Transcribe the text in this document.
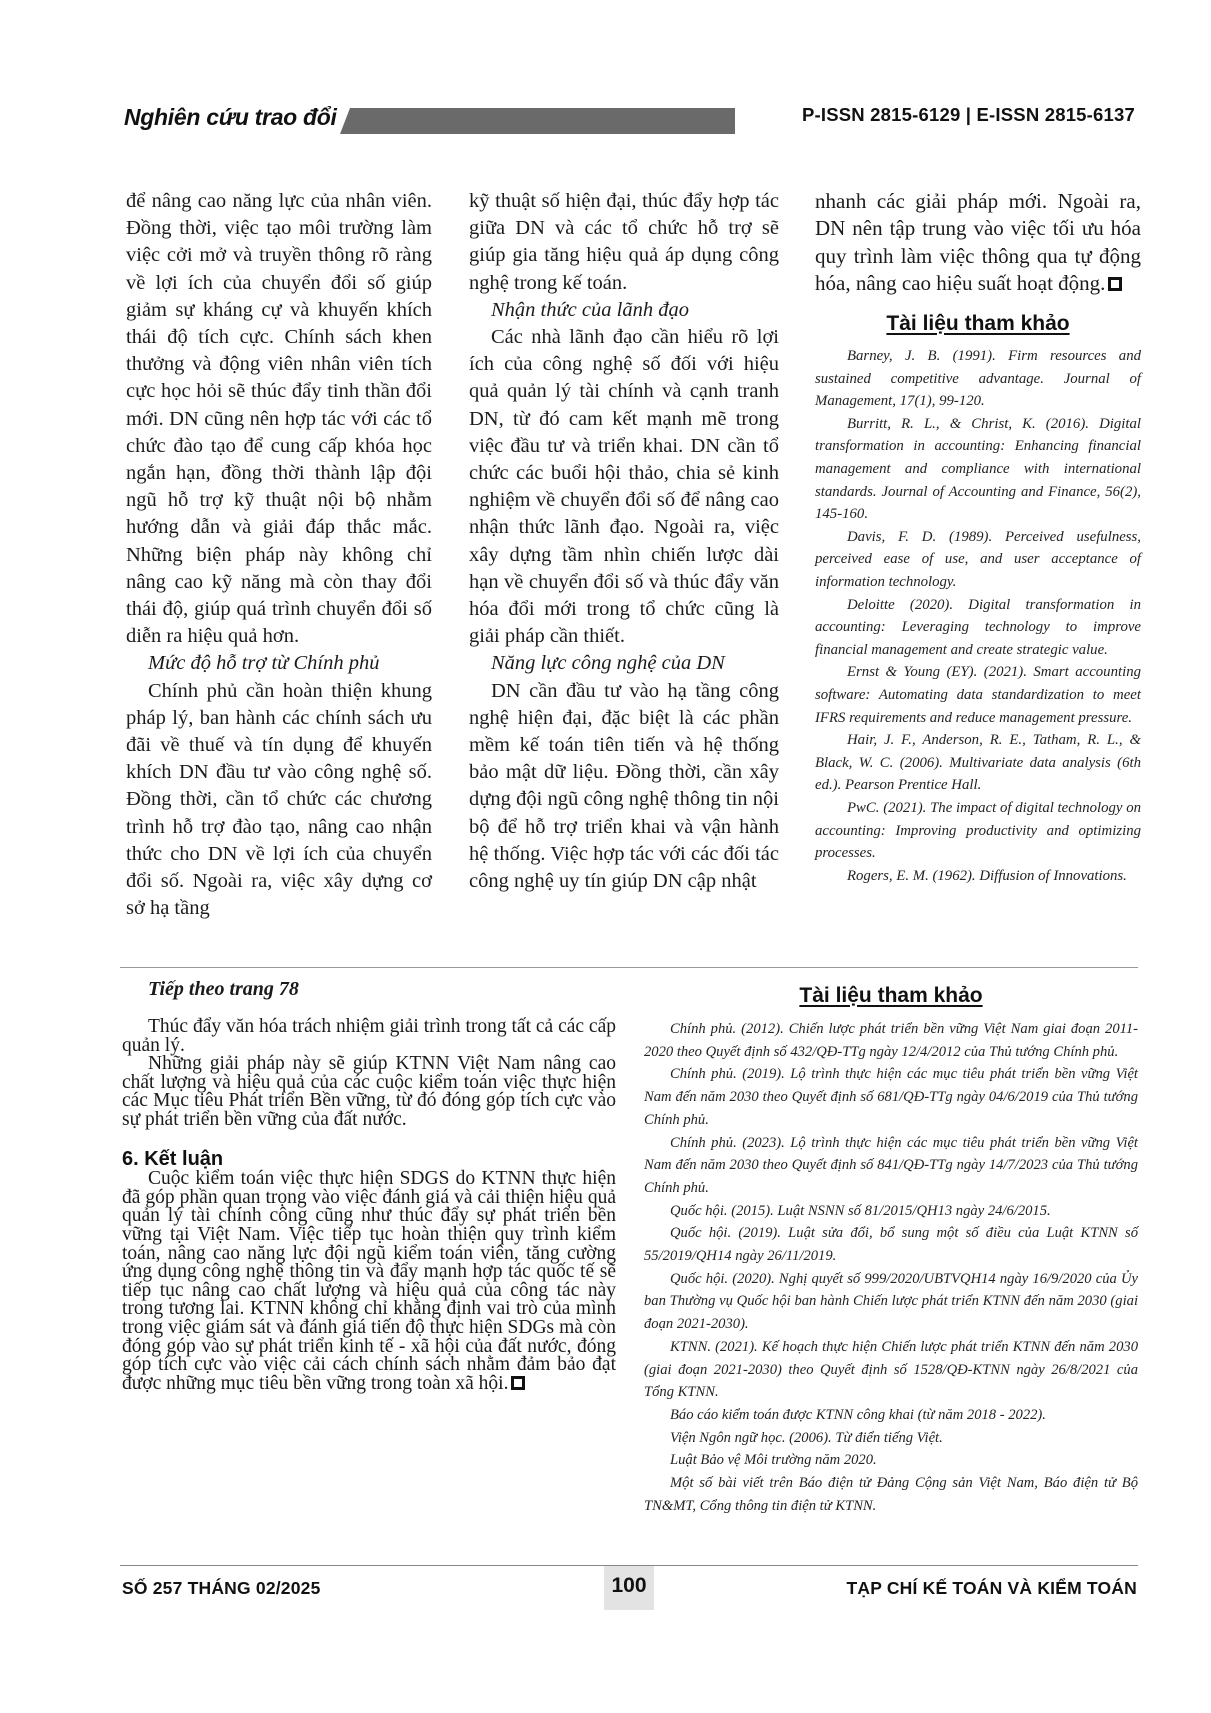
Nghiên cứu trao đổi	P-ISSN 2815-6129 | E-ISSN 2815-6137

để nâng cao năng lực của nhân viên. Đồng thời, việc tạo môi trường làm việc cởi mở và truyền thông rõ ràng về lợi ích của chuyển đổi số giúp giảm sự kháng cự và khuyến khích thái độ tích cực. Chính sách khen thưởng và động viên nhân viên tích cực học hỏi sẽ thúc đẩy tinh thần đổi mới. DN cũng nên hợp tác với các tổ chức đào tạo để cung cấp khóa học ngắn hạn, đồng thời thành lập đội ngũ hỗ trợ kỹ thuật nội bộ nhằm hướng dẫn và giải đáp thắc mắc. Những biện pháp này không chỉ nâng cao kỹ năng mà còn thay đổi thái độ, giúp quá trình chuyển đổi số diễn ra hiệu quả hơn.

Mức độ hỗ trợ từ Chính phủ

Chính phủ cần hoàn thiện khung pháp lý, ban hành các chính sách ưu đãi về thuế và tín dụng để khuyến khích DN đầu tư vào công nghệ số. Đồng thời, cần tổ chức các chương trình hỗ trợ đào tạo, nâng cao nhận thức cho DN về lợi ích của chuyển đổi số. Ngoài ra, việc xây dựng cơ sở hạ tầng

kỹ thuật số hiện đại, thúc đẩy hợp tác giữa DN và các tổ chức hỗ trợ sẽ giúp gia tăng hiệu quả áp dụng công nghệ trong kế toán.

Nhận thức của lãnh đạo

Các nhà lãnh đạo cần hiểu rõ lợi ích của công nghệ số đối với hiệu quả quản lý tài chính và cạnh tranh DN, từ đó cam kết mạnh mẽ trong việc đầu tư và triển khai. DN cần tổ chức các buổi hội thảo, chia sẻ kinh nghiệm về chuyển đổi số để nâng cao nhận thức lãnh đạo. Ngoài ra, việc xây dựng tầm nhìn chiến lược dài hạn về chuyển đổi số và thúc đẩy văn hóa đổi mới trong tổ chức cũng là giải pháp cần thiết.

Năng lực công nghệ của DN

DN cần đầu tư vào hạ tầng công nghệ hiện đại, đặc biệt là các phần mềm kế toán tiên tiến và hệ thống bảo mật dữ liệu. Đồng thời, cần xây dựng đội ngũ công nghệ thông tin nội bộ để hỗ trợ triển khai và vận hành hệ thống. Việc hợp tác với các đối tác công nghệ uy tín giúp DN cập nhật

nhanh các giải pháp mới. Ngoài ra, DN nên tập trung vào việc tối ưu hóa quy trình làm việc thông qua tự động hóa, nâng cao hiệu suất hoạt động.

Tài liệu tham khảo

Barney, J. B. (1991). Firm resources and sustained competitive advantage. Journal of Management, 17(1), 99-120.

Burritt, R. L., & Christ, K. (2016). Digital transformation in accounting: Enhancing financial management and compliance with international standards. Journal of Accounting and Finance, 56(2), 145-160.

Davis, F. D. (1989). Perceived usefulness, perceived ease of use, and user acceptance of information technology.

Deloitte (2020). Digital transformation in accounting: Leveraging technology to improve financial management and create strategic value.

Ernst & Young (EY). (2021). Smart accounting software: Automating data standardization to meet IFRS requirements and reduce management pressure.

Hair, J. F., Anderson, R. E., Tatham, R. L., & Black, W. C. (2006). Multivariate data analysis (6th ed.). Pearson Prentice Hall.

PwC. (2021). The impact of digital technology on accounting: Improving productivity and optimizing processes.

Rogers, E. M. (1962). Diffusion of Innovations.

Tiếp theo trang 78

Thúc đẩy văn hóa trách nhiệm giải trình trong tất cả các cấp quản lý.

Những giải pháp này sẽ giúp KTNN Việt Nam nâng cao chất lượng và hiệu quả của các cuộc kiểm toán việc thực hiện các Mục tiêu Phát triển Bền vững, từ đó đóng góp tích cực vào sự phát triển bền vững của đất nước.

6. Kết luận

Cuộc kiểm toán việc thực hiện SDGS do KTNN thực hiện đã góp phần quan trọng vào việc đánh giá và cải thiện hiệu quả quản lý tài chính công cũng như thúc đẩy sự phát triển bền vững tại Việt Nam. Việc tiếp tục hoàn thiện quy trình kiểm toán, nâng cao năng lực đội ngũ kiểm toán viên, tăng cường ứng dụng công nghệ thông tin và đẩy mạnh hợp tác quốc tế sẽ tiếp tục nâng cao chất lượng và hiệu quả của công tác này trong tương lai. KTNN không chỉ khẳng định vai trò của mình trong việc giám sát và đánh giá tiến độ thực hiện SDGs mà còn đóng góp vào sự phát triển kinh tế - xã hội của đất nước, đóng góp tích cực vào việc cải cách chính sách nhằm đảm bảo đạt được những mục tiêu bền vững trong toàn xã hội.

Tài liệu tham khảo

Chính phủ. (2012). Chiến lược phát triển bền vững Việt Nam giai đoạn 2011-2020 theo Quyết định số 432/QĐ-TTg ngày 12/4/2012 của Thủ tướng Chính phủ.

Chính phủ. (2019). Lộ trình thực hiện các mục tiêu phát triển bền vững Việt Nam đến năm 2030 theo Quyết định số 681/QĐ-TTg ngày 04/6/2019 của Thủ tướng Chính phủ.

Chính phủ. (2023). Lộ trình thực hiện các mục tiêu phát triển bền vững Việt Nam đến năm 2030 theo Quyết định số 841/QĐ-TTg ngày 14/7/2023 của Thủ tướng Chính phủ.

Quốc hội. (2015). Luật NSNN số 81/2015/QH13 ngày 24/6/2015.

Quốc hội. (2019). Luật sửa đổi, bổ sung một số điều của Luật KTNN số 55/2019/QH14 ngày 26/11/2019.

Quốc hội. (2020). Nghị quyết số 999/2020/UBTVQH14 ngày 16/9/2020 của Ủy ban Thường vụ Quốc hội ban hành Chiến lược phát triển KTNN đến năm 2030 (giai đoạn 2021-2030).

KTNN. (2021). Kế hoạch thực hiện Chiến lược phát triển KTNN đến năm 2030 (giai đoạn 2021-2030) theo Quyết định số 1528/QĐ-KTNN ngày 26/8/2021 của Tổng KTNN.

Báo cáo kiểm toán được KTNN công khai (từ năm 2018 - 2022).

Viện Ngôn ngữ học. (2006). Từ điển tiếng Việt.

Luật Bảo vệ Môi trường năm 2020.

Một số bài viết trên Báo điện tử Đảng Cộng sản Việt Nam, Báo điện tử Bộ TN&MT, Cổng thông tin điện tử KTNN.

SỐ 257 THÁNG 02/2025	100	TẠP CHÍ KẾ TOÁN VÀ KIỂM TOÁN
